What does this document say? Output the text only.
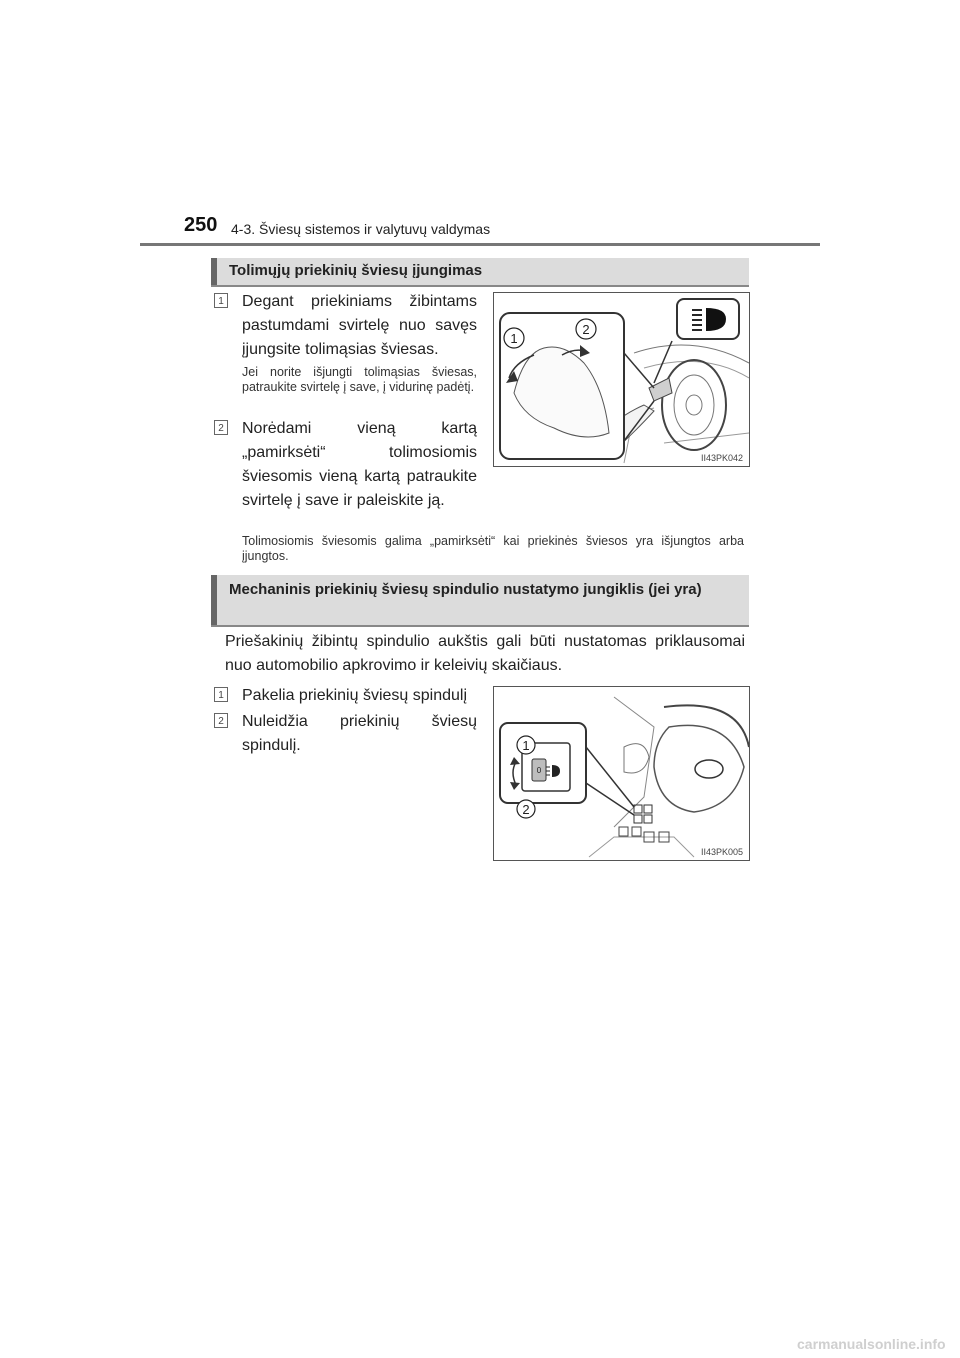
250 4-3. Šviesų sistemos ir valytuvų valdymas
Tolimųjų priekinių šviesų įjungimas
1 Degant priekiniams žibintams pastumdami svirtelę nuo savęs įjungsite tolimąsias šviesas.
Jei norite išjungti tolimąsias šviesas, patraukite svirtelę į save, į vidurinę padėtį.
2 Norėdami vieną kartą „pamirksėti“ tolimosiomis šviesomis vieną kartą patraukite svirtelę į save ir paleiskite ją.
Tolimosiomis šviesomis galima „pamirksėti“ kai priekinės šviesos yra išjungtos arba įjungtos.
1
2
II43PK042
Mechaninis priekinių šviesų spindulio nustatymo jungiklis (jei yra)
Priešakinių žibintų spindulio aukštis gali būti nustatomas priklausomai nuo automobilio apkrovimo ir keleivių skaičiaus.
1 Pakelia priekinių šviesų spindulį
2 Nuleidžia priekinių šviesų spindulį.
0
1
2
II43PK005
carmanualsonline.info
